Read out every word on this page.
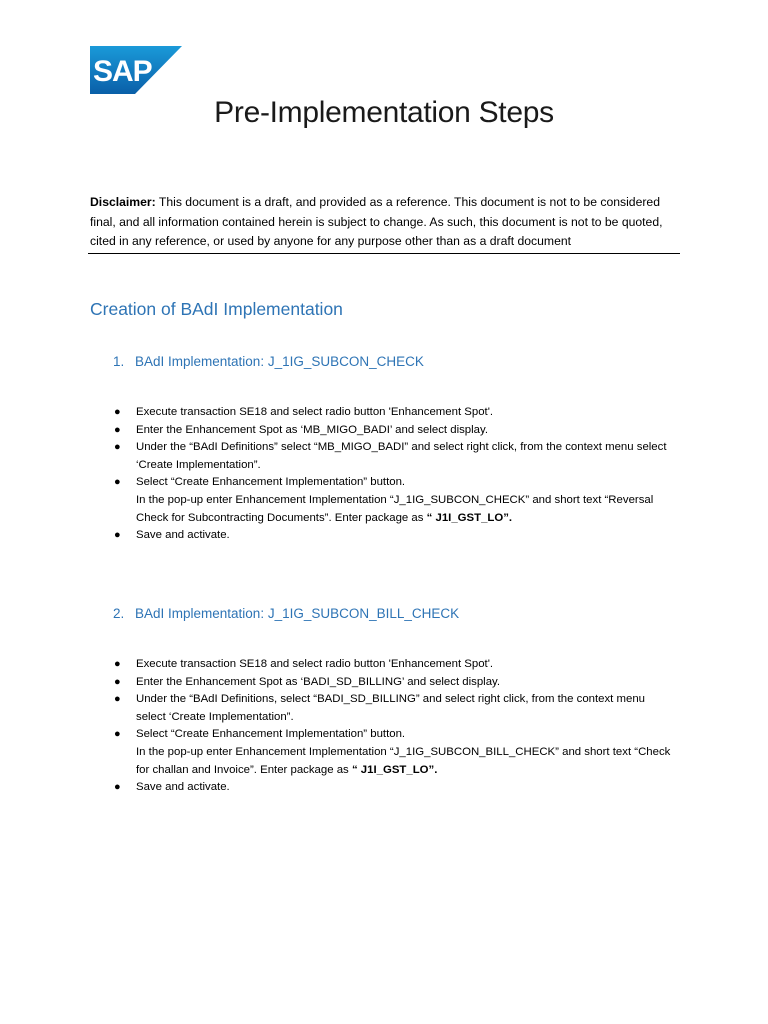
SAP
®
Pre-Implementation Steps

Disclaimer: This document is a draft, and provided as a reference. This document is not to be considered final, and all information contained herein is subject to change. As such, this document is not to be quoted, cited in any reference, or used by anyone for any purpose other than as a draft document

Creation of BAdI Implementation
1. BAdI Implementation: J_1IG_SUBCON_CHECK
● Execute transaction SE18 and select radio button 'Enhancement Spot'.
● Enter the Enhancement Spot as ‘MB_MIGO_BADI’ and select display.
● Under the “BAdI Definitions” select “MB_MIGO_BADI” and select right click, from the context menu select ‘Create Implementation”.
● Select “Create Enhancement Implementation” button.
In the pop-up enter Enhancement Implementation “J_1IG_SUBCON_CHECK” and short text “Reversal Check for Subcontracting Documents”. Enter package as “ J1I_GST_LO”.
● Save and activate.
2. BAdI Implementation: J_1IG_SUBCON_BILL_CHECK
● Execute transaction SE18 and select radio button 'Enhancement Spot'.
● Enter the Enhancement Spot as ‘BADI_SD_BILLING’ and select display.
● Under the “BAdI Definitions, select “BADI_SD_BILLING” and select right click, from the context menu select ‘Create Implementation”.
● Select “Create Enhancement Implementation” button.
In the pop-up enter Enhancement Implementation “J_1IG_SUBCON_BILL_CHECK” and short text “Check for challan and Invoice”. Enter package as “ J1I_GST_LO”.
● Save and activate.
